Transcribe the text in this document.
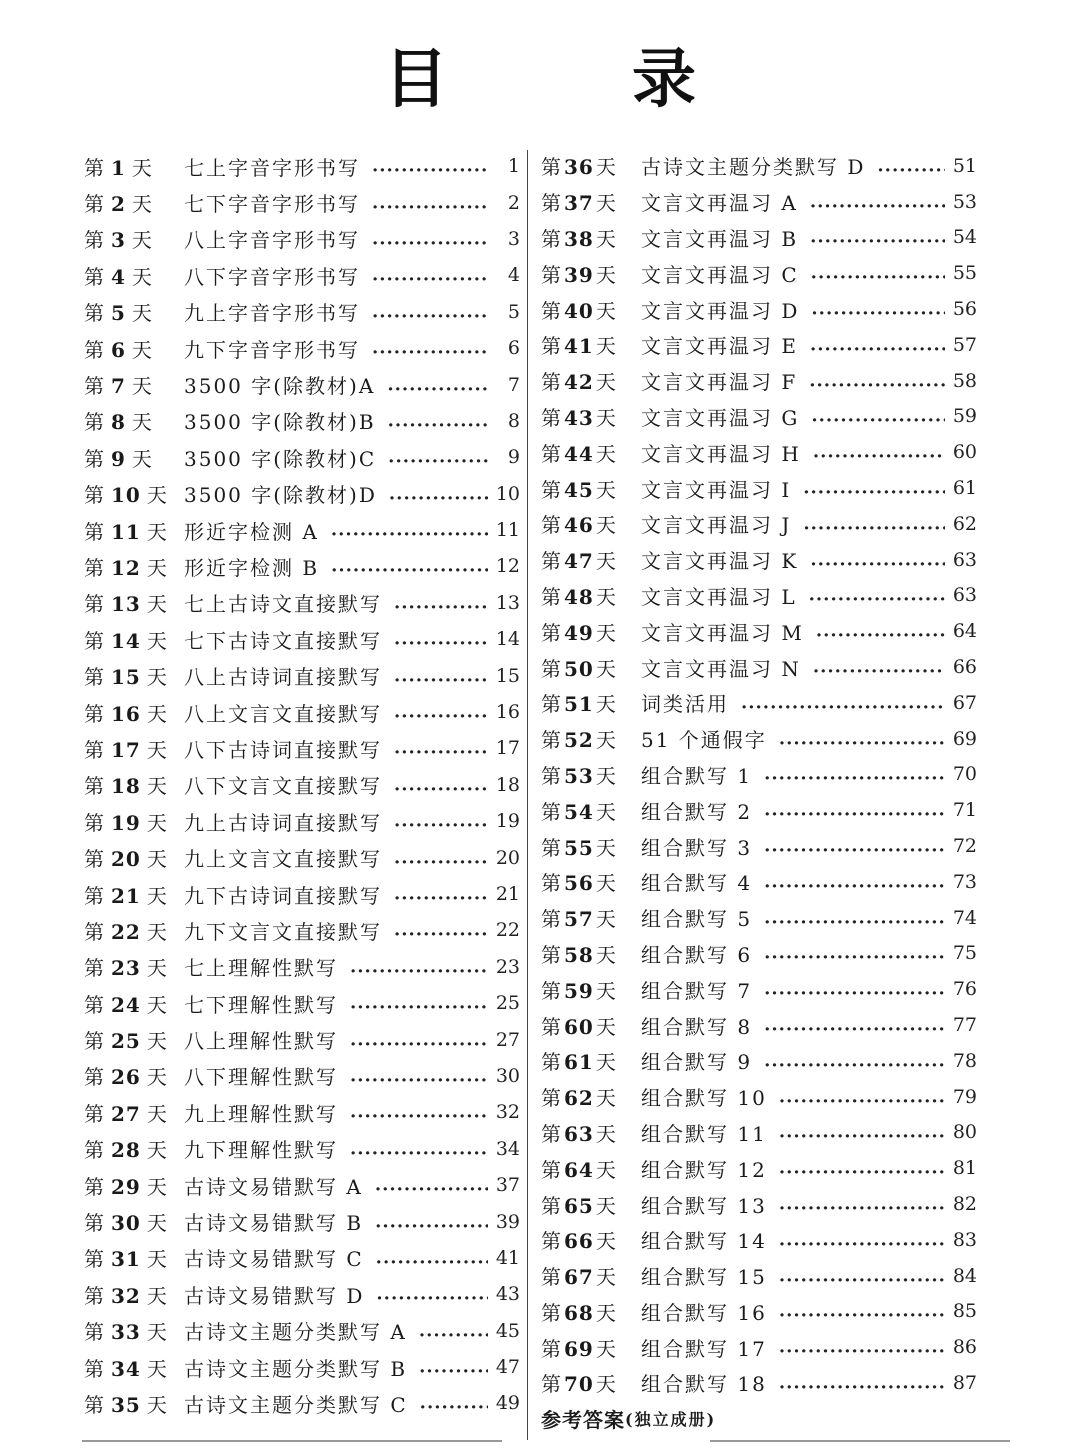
目　录
第 1 天	七上字音字形书写 ·····	1
第 2 天	七下字音字形书写 ·····	2
第 3 天	八上字音字形书写 ·····	3
第 4 天	八下字音字形书写 ·····	4
第 5 天	九上字音字形书写 ·····	5
第 6 天	九下字音字形书写 ·····	6
第 7 天	3500 字(除教材)A ·····	7
第 8 天	3500 字(除教材)B ·····	8
第 9 天	3500 字(除教材)C ·····	9
第 10 天 3500 字(除教材)D ·····	10
第 11 天 形近字检测 A ·····	11
第 12 天 形近字检测 B ·····	12
第 13 天 七上古诗文直接默写 ·····	13
第 14 天 七下古诗文直接默写 ·····	14
第 15 天 八上古诗词直接默写 ·····	15
第 16 天 八上文言文直接默写 ·····	16
第 17 天 八下古诗词直接默写 ·····	17
第 18 天 八下文言文直接默写 ·····	18
第 19 天 九上古诗词直接默写 ·····	19
第 20 天 九上文言文直接默写 ·····	20
第 21 天 九下古诗词直接默写 ·····	21
第 22 天 九下文言文直接默写 ·····	22
第 23 天 七上理解性默写 ·····	23
第 24 天 七下理解性默写 ·····	25
第 25 天 八上理解性默写 ·····	27
第 26 天 八下理解性默写 ·····	30
第 27 天 九上理解性默写 ·····	32
第 28 天 九下理解性默写 ·····	34
第 29 天 古诗文易错默写 A ·····	37
第 30 天 古诗文易错默写 B ·····	39
第 31 天 古诗文易错默写 C ·····	41
第 32 天 古诗文易错默写 D ·····	43
第 33 天 古诗文主题分类默写 A ·····	45
第 34 天 古诗文主题分类默写 B ·····	47
第 35 天 古诗文主题分类默写 C ·····	49
第 36 天	古诗文主题分类默写 D ·····	51
第 37 天	文言文再温习 A ·····	53
第 38 天	文言文再温习 B ·····	54
第 39 天	文言文再温习 C ·····	55
第 40 天	文言文再温习 D ·····	56
第 41 天	文言文再温习 E ·····	57
第 42 天	文言文再温习 F ·····	58
第 43 天	文言文再温习 G ·····	59
第 44 天	文言文再温习 H ·····	60
第 45 天	文言文再温习 I ·····	61
第 46 天	文言文再温习 J ·····	62
第 47 天	文言文再温习 K ·····	63
第 48 天	文言文再温习 L ·····	63
第 49 天	文言文再温习 M ·····	64
第 50 天	文言文再温习 N ·····	66
第 51 天	词类活用 ·····	67
第 52 天	51 个通假字 ·····	69
第 53 天	组合默写 1 ·····	70
第 54 天	组合默写 2 ·····	71
第 55 天	组合默写 3 ·····	72
第 56 天	组合默写 4 ·····	73
第 57 天	组合默写 5 ·····	74
第 58 天	组合默写 6 ·····	75
第 59 天	组合默写 7 ·····	76
第 60 天	组合默写 8 ·····	77
第 61 天	组合默写 9 ·····	78
第 62 天	组合默写 10 ·····	79
第 63 天	组合默写 11 ·····	80
第 64 天	组合默写 12 ·····	81
第 65 天	组合默写 13 ·····	82
第 66 天	组合默写 14 ·····	83
第 67 天	组合默写 15 ·····	84
第 68 天	组合默写 16 ·····	85
第 69 天	组合默写 17 ·····	86
第 70 天	组合默写 18 ·····	87
参考答案 (独立成册)
